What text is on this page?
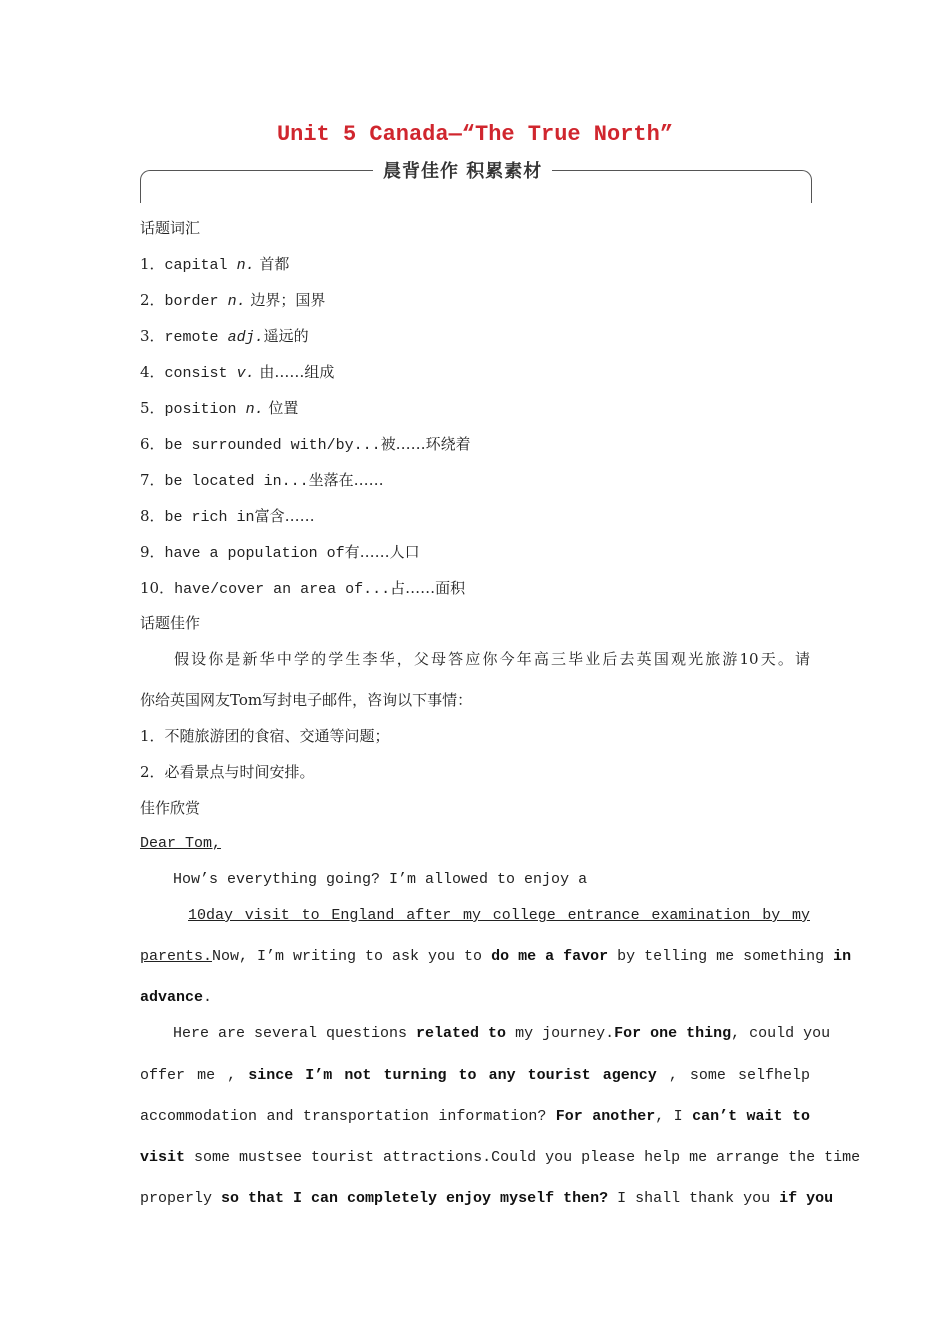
Unit 5 Canada—“The True North”
晨背佳作 积累素材
话题词汇
1．capital n. 首都
2．border n. 边界；国界
3．remote adj.遥远的
4．consist v. 由……组成
5．position n. 位置
6．be surrounded with/by...被……环绕着
7．be located in...坐落在……
8．be rich in富含……
9．have a population of有……人口
10．have/cover an area of...占……面积
话题佳作
假设你是新华中学的学生李华，父母答应你今年高三毕业后去英国观光旅游10天。请
你给英国网友Tom写封电子邮件，咨询以下事情：
1．不随旅游团的食宿、交通等问题；
2．必看景点与时间安排。
佳作欣赏
Dear Tom,
How’s everything going? I’m allowed to enjoy a
10day visit to England after my college entrance examination by my
parents.Now, I’m writing to ask you to do me a favor by telling me something in
advance.
Here are several questions related to my journey.For one thing, could you
offer me , since I’m not turning to any tourist agency , some selfhelp
accommodation and transportation information? For another, I can’t wait to
visit some mustsee tourist attractions.Could you please help me arrange the time
properly so that I can completely enjoy myself then? I shall thank you if you
